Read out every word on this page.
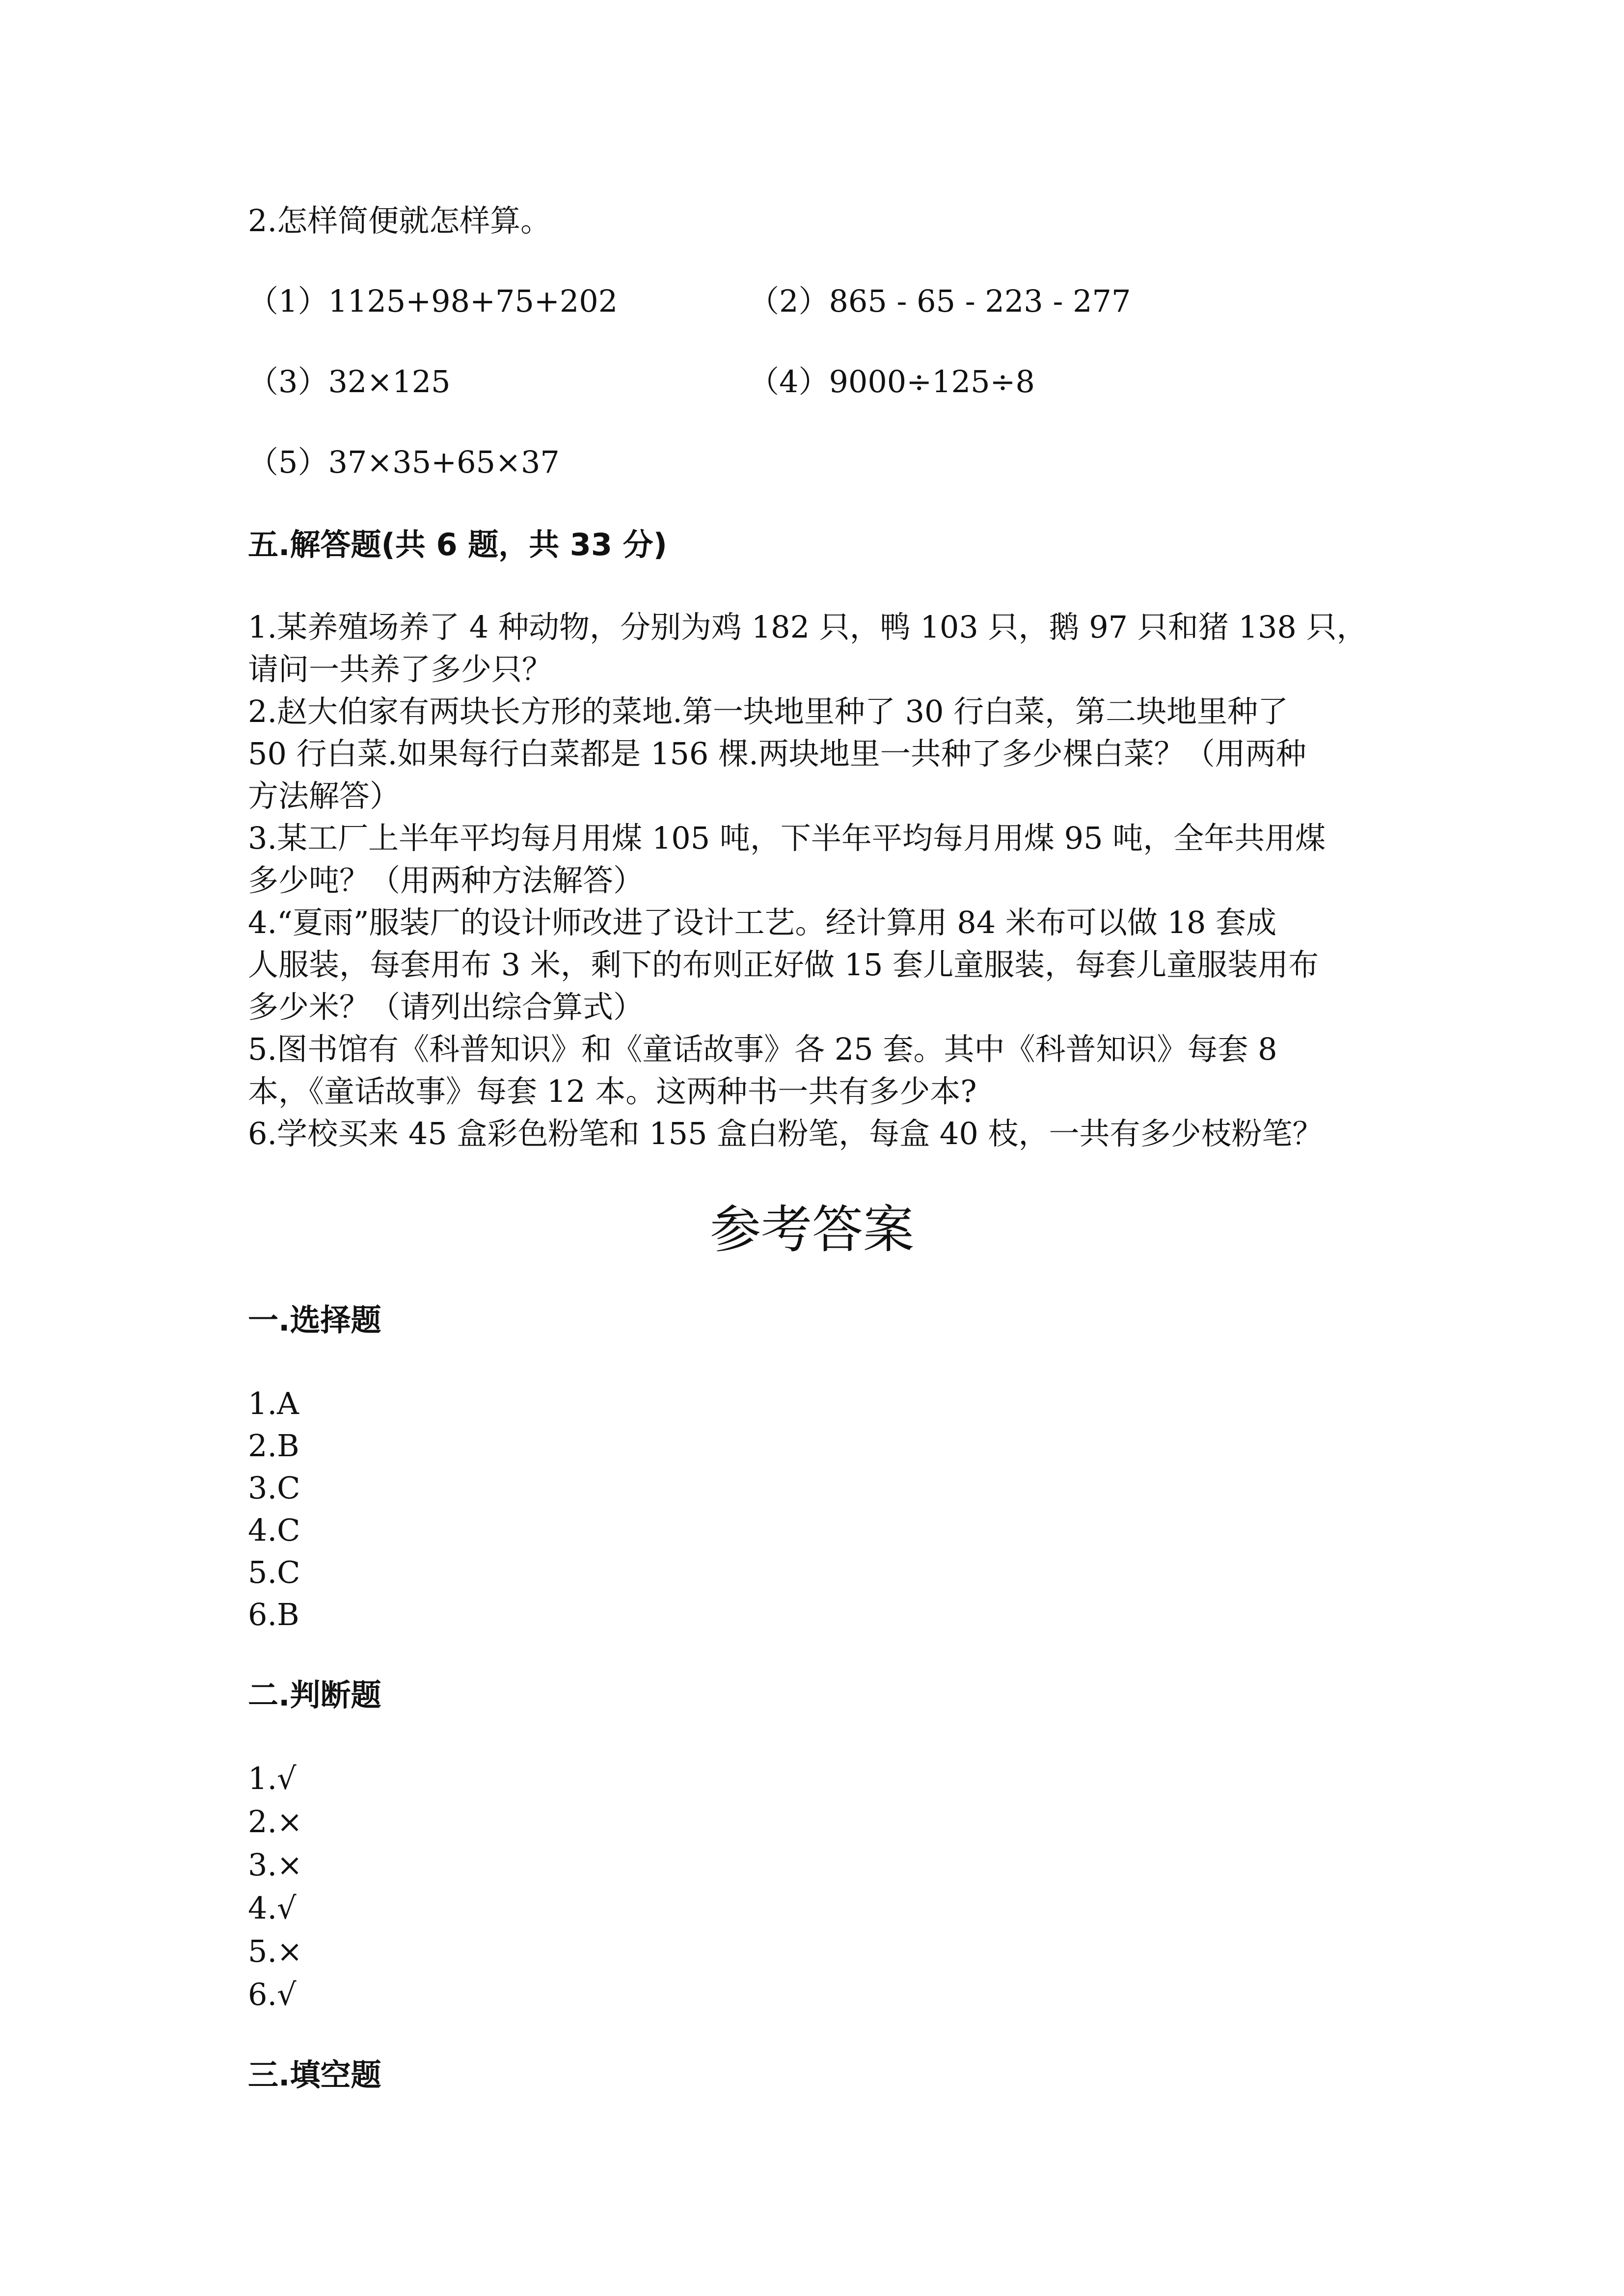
2.怎样简便就怎样算。
（1）1125+98+75+202	（2）865 - 65 - 223 - 277
（3）32×125	（4）9000÷125÷8
（5）37×35+65×37
五.解答题(共 6 题，共 33 分)
1.某养殖场养了 4 种动物，分别为鸡 182 只，鸭 103 只，鹅 97 只和猪 138 只，
请问一共养了多少只？
2.赵大伯家有两块长方形的菜地.第一块地里种了 30 行白菜，第二块地里种了
50 行白菜.如果每行白菜都是 156 棵.两块地里一共种了多少棵白菜？（用两种
方法解答）
3.某工厂上半年平均每月用煤 105 吨，下半年平均每月用煤 95 吨，全年共用煤
多少吨？（用两种方法解答）
4.“夏雨”服装厂的设计师改进了设计工艺。经计算用 84 米布可以做 18 套成
人服装，每套用布 3 米，剩下的布则正好做 15 套儿童服装，每套儿童服装用布
多少米？（请列出综合算式）
5.图书馆有《科普知识》和《童话故事》各 25 套。其中《科普知识》每套 8
本，《童话故事》每套 12 本。这两种书一共有多少本?
6.学校买来 45 盒彩色粉笔和 155 盒白粉笔，每盒 40 枝，一共有多少枝粉笔？
参考答案
一.选择题
1.A
2.B
3.C
4.C
5.C
6.B
二.判断题
1.√
2.×
3.×
4.√
5.×
6.√
三.填空题
